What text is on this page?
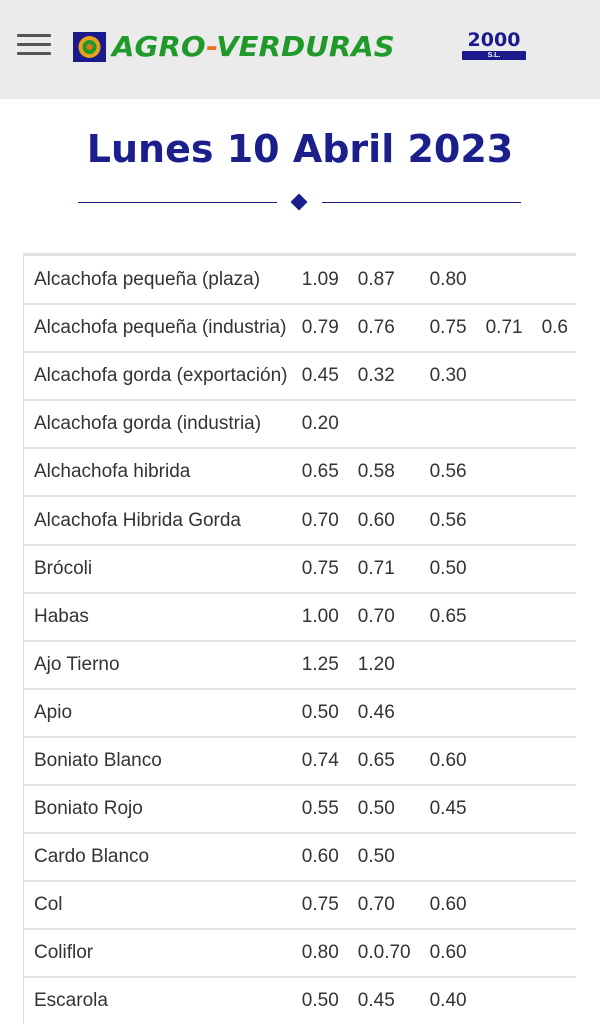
AGRO-VERDURAS	2000
S.L.
Lunes 10 Abril 2023
Alcachofa pequeña (plaza)	1.09	0.87	0.80		
Alcachofa pequeña (industria)	0.79	0.76	0.75	0.71	0.6
Alcachofa gorda (exportación)	0.45	0.32	0.30		
Alcachofa gorda (industria)	0.20				
Alchachofa hibrida	0.65	0.58	0.56		
Alcachofa Hibrida Gorda	0.70	0.60	0.56		
Brócoli	0.75	0.71	0.50		
Habas	1.00	0.70	0.65		
Ajo Tierno	1.25	1.20			
Apio	0.50	0.46			
Boniato Blanco	0.74	0.65	0.60		
Boniato Rojo	0.55	0.50	0.45		
Cardo Blanco	0.60	0.50			
Col	0.75	0.70	0.60		
Coliflor	0.80	0.0.70	0.60		
Escarola	0.50	0.45	0.40		
